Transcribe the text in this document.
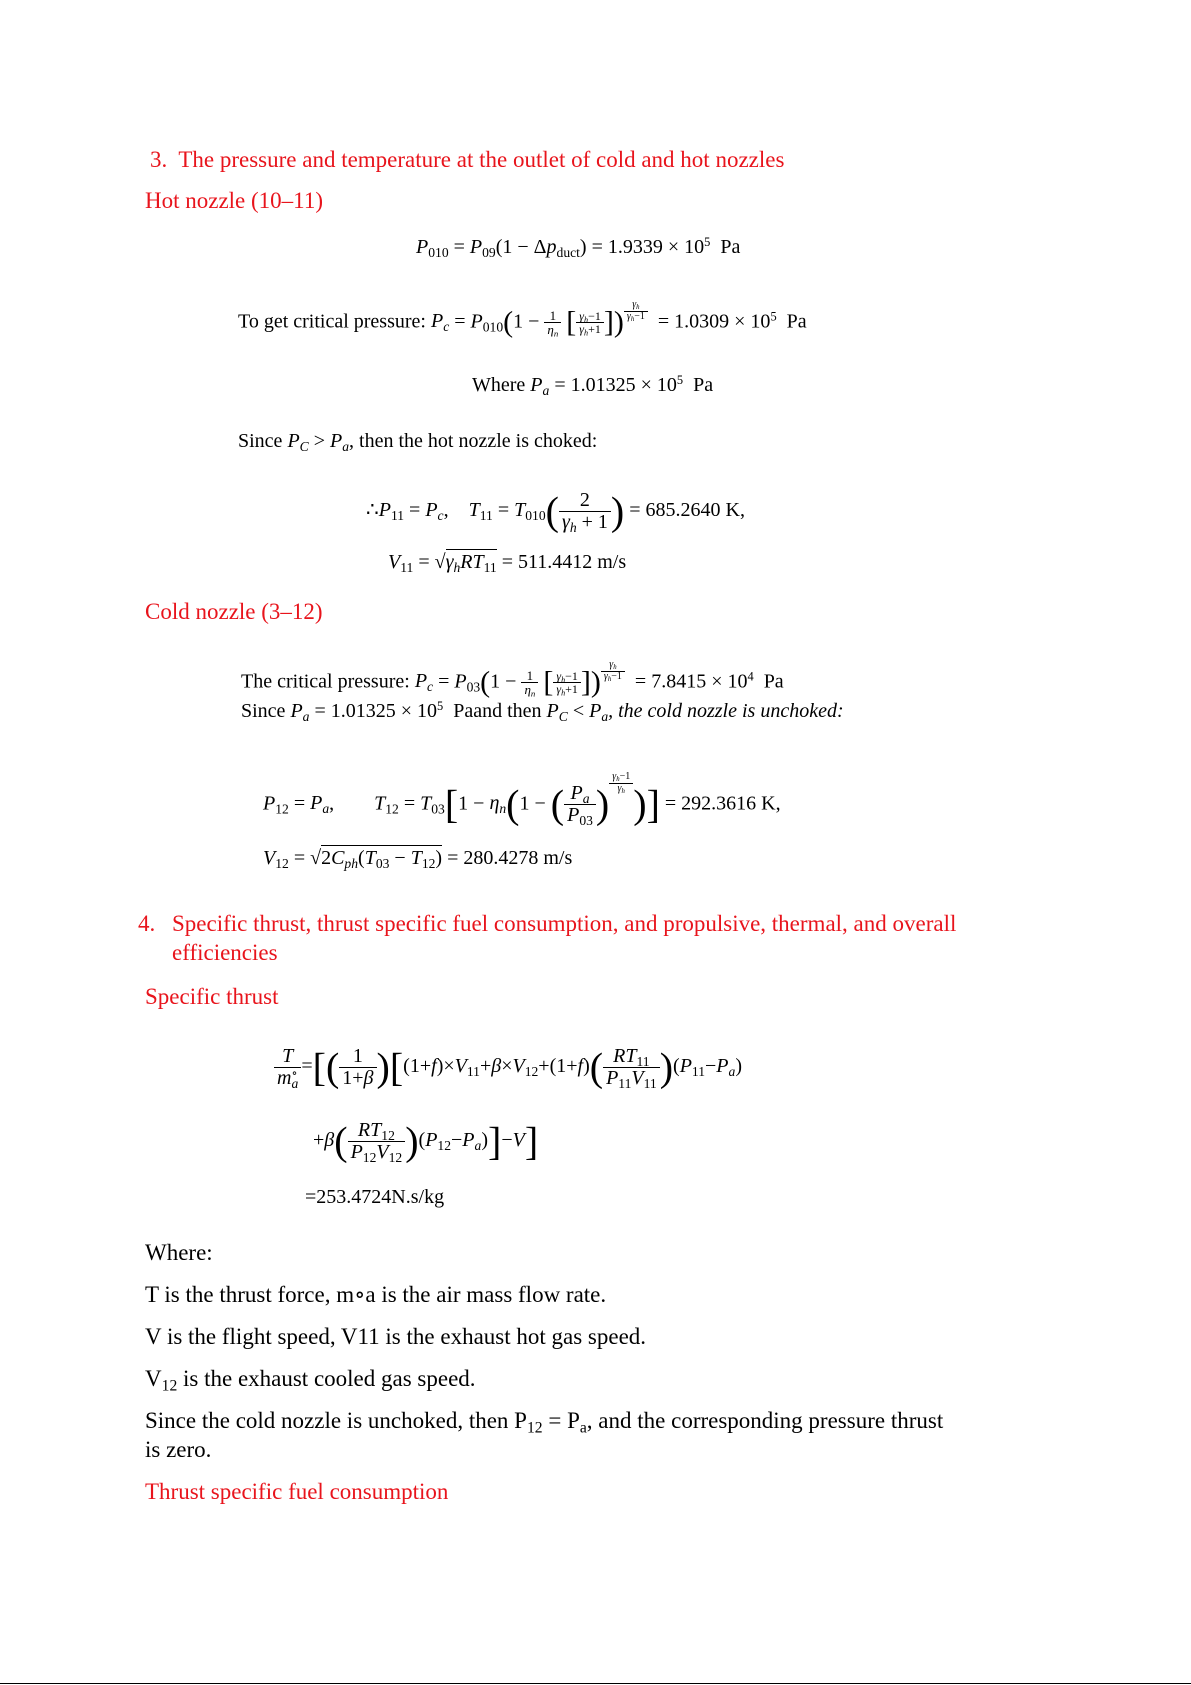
3. The pressure and temperature at the outlet of cold and hot nozzles
Hot nozzle (10–11)
$P_{010} = P_{09}(1 - \Delta p_{duct}) = 1.9339 \times 10^5$ Pa
To get critical pressure: $P_c = P_{010}(1 - \frac{1}{\eta_n}$ [ $\frac{\gamma_h-1}{\gamma_h+1}$ ]) $^{\frac{\gamma_h}{\gamma_h-1}} = 1.0309 \times 10^5$ Pa
Where $P_a = 1.01325 \times 10^5$ Pa
Since $P_C > P_a$, then the hot nozzle is choked:
$\therefore P_{11} = P_c$,    $T_{11} = T_{010}( \frac{2}{\gamma_h + 1}$ ) = 685.2640 K,
$V_{11} = √\gamma_hRT_{11} = 511.4412$ m/s
Cold nozzle (3–12)
The critical pressure: $P_c = P_{03}(1 - \frac{1}{\eta_n}$ [ $\frac{\gamma_h-1}{\gamma_h+1}$ ]) $^{\frac{\gamma_h}{\gamma_h-1}} = 7.8415 \times 10^4$ Pa
Since $P_a = 1.01325 \times 10^5$ Paand then $P_C < P_a$, the cold nozzle is unchoked:
$P_{12} = P_a$,        $T_{12} = T_{03}[1 - \eta_n(1$ − ( $\frac{P_a}{P_{03}}$ ) $^{\frac{\gamma_h-1}{\gamma_h}}$ )] = 292.3616 K,
$V_{12} = √2C_{ph}(T_{03} - T_{12}) = 280.4278$ m/s
4. Specific thrust, thrust specific fuel consumption, and propulsive, thermal, and overall
efficiencies
Specific thrust
$\frac{T}{m^\circ_a}$ =[( $\frac{1}{1+\beta} )[(1+f)\times V_{11}+\beta\times V_{12}+(1+f)( \frac{RT_{11}}{P_{11}V_{11}} )(P_{11}-P_a)$
$+\beta( \frac{RT_{12}}{P_{12}V_{12}} )(P_{12}-P_a)]-V$]
=253.4724N.s/kg
Where:
T is the thrust force, m∘a is the air mass flow rate.
V is the flight speed, V11 is the exhaust hot gas speed.
$V_{12}$ is the exhaust cooled gas speed.
Since the cold nozzle is unchoked, then $P_{12} = P_a$, and the corresponding pressure thrust
is zero.
Thrust specific fuel consumption
